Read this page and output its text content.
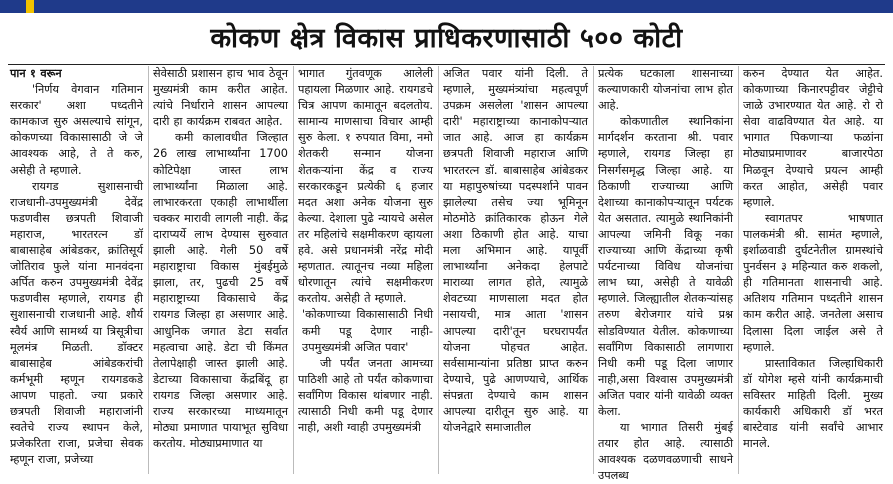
कोकण क्षेत्र विकास प्राधिकरणासाठी ५०० कोटी

पान १ वरून

'निर्णय वेगवान गतिमान सरकार' अशा पध्दतीने कामकाज सुरु असल्याचे सांगून, कोकणच्या विकासासाठी जे जे आवश्यक आहे, ते ते करु, असेही ते म्हणाले.

रायगड सुशासनाची राजधानी-उपमुख्यमंत्री देवेंद्र फडणवीस छत्रपती शिवाजी महाराज, भारतरत्न डॉ बाबासाहेब आंबेडकर, क्रांतिसूर्य जोतिराव फुले यांना मानवंदना अर्पित करुन उपमुख्यमंत्री देवेंद्र फडणवीस म्हणाले, रायगड ही सुशासनाची राजधानी आहे. शौर्य स्वैर्य आणि सामर्थ्य या त्रिसूत्रीचा मूलमंत्र मिळती. डॉक्टर बाबासाहेब आंबेडकरांची कर्मभूमी म्हणून रायगडकडे आपण पाहतो. ज्या प्रकारे छत्रपती शिवाजी महाराजांनी स्वतेचे राज्य स्थापन केले, प्रजेकरिता राजा, प्रजेचा सेवक म्हणून राजा, प्रजेच्या

सेवेसाठी प्रशासन हाच भाव ठेवून मुख्यमंत्री काम करीत आहेत. त्यांचे निर्धाराने शासन आपल्या दारी हा कार्यक्रम राबवत आहेत.

कमी कालावधीत जिल्हात 26 लाख लाभार्थ्यांना 1700 कोटिपेक्षा जास्त लाभ लाभार्थ्यांना मिळाला आहे. लाभारकरता एकाही लाभार्थीला चक्कर मारावी लागली नाही. केंद्र दाराप्यर्ये लाभ देण्यास सुरुवात झाली आहे. गेली 50 वर्षे महाराष्ट्राचा विकास मुंबईमुळे झाला, तर, पुढची 25 वर्षे महाराष्ट्राच्या विकासाचे केंद्र रायगड जिल्हा हा असणार आहे. आधुनिक जगात डेटा सर्वात महत्वाचा आहे. डेटा ची किंमत तेलापेक्षाही जास्त झाली आहे. डेटाच्या विकासाचा केंद्रबिंदू हा रायगड जिल्हा असणार आहे. राज्य सरकारच्या माध्यमातून मोठ्या प्रमाणात पायाभूत सुविधा करतोय. मोठ्याप्रमाणात या

भागात गुंतवणूक आलेली पहायला मिळणार आहे. रायगडचे चित्र आपण कामातून बदलतोय. सामान्य माणसाचा विचार आम्ही सुरु केला. १ रुपयात विमा, नमो शेतकरी सन्मान योजना शेतकऱ्यांना केंद्र व राज्य सरकारकडून प्रत्येकी ६ हजार मदत अशा अनेक योजना सुरु केल्या. देशाला पुढे न्यायचे असेल तर महिलांचे सक्षमीकरण व्हायला हवे. असे प्रधानमंत्री नरेंद्र मोदी म्हणतात. त्यातूनच नव्या महिला धोरणातून त्यांचे सक्षमीकरण करतोय. असेही ते म्हणाले.

'कोकणाच्या विकासासाठी निधी कमी पडू देणार नाही- उपमुख्यमंत्री अजित पवार'

जी पर्यंत जनता आमच्या पाठिशी आहे तो पर्यंत कोकणाचा सर्वांगिण विकास थांबणार नाही. त्यासाठी निधी कमी पडू देणार नाही, अशी ग्वाही उपमुख्यमंत्री

अजित पवार यांनी दिली. ते म्हणाले, मुख्यमंत्र्यांचा महत्वपूर्ण उपक्रम असलेला 'शासन आपल्या दारी' महाराष्ट्राच्या कानाकोपऱ्यात जात आहे. आज हा कार्यक्रम छत्रपती शिवाजी महाराज आणि भारतरत्न डॉ. बाबासाहेब आंबेडकर या महापुरुषांच्या पदस्पर्शाने पावन झालेल्या तसेच ज्या भूमिनून मोठमोठे क्रांतिकारक होऊन गेले अशा ठिकाणी होत आहे. याचा मला अभिमान आहे. यापूर्वी लाभार्थ्यांना अनेकदा हेलपाटे माराव्या लागत होते, त्यामुळे शेवटच्या माणसाला मदत होत नसायची, मात्र आता 'शासन आपल्या दारी'तून घरघरापर्यंत योजना पोहचत आहेत. सर्वसामान्यांना प्रतिष्ठा प्राप्त करुन देण्याचे, पुढे आणण्याचे, आर्थिक संपन्नता देण्याचे काम शासन आपल्या दारीतून सुरु आहे. या योजनेद्वारे समाजातील

प्रत्येक घटकाला शासनाच्या कल्याणकारी योजनांचा लाभ होत आहे.

कोकणातील स्थानिकांना मार्गदर्शन करताना श्री. पवार म्हणाले, रायगड जिल्हा हा निसर्गसमृद्ध जिल्हा आहे. या ठिकाणी राज्याच्या आणि देशाच्या कानाकोपऱ्यातून पर्यटक येत असतात. त्यामुळे स्थानिकांनी आपल्या जमिनी विकू नका राज्याच्या आणि केंद्राच्या कृषी पर्यटनाच्या विविध योजनांचा लाभ घ्या, असेही ते यावेळी म्हणाले. जिल्ह्यातील शेतकऱ्यांसह तरुण बेरोजगार यांचे प्रश्न सोडविण्यात येतील. कोकणाच्या सर्वांगिण विकासाठी लागणारा निधी कमी पडू दिला जाणार नाही,असा विश्वास उपमुख्यमंत्री अजित पवार यांनी यावेळी व्यक्त केला.

या भागात तिसरी मुंबई तयार होत आहे. त्यासाठी आवश्यक दळणवळणाची साधने उपलब्ध

करुन देण्यात येत आहेत. कोकणाच्या किनारपट्टीवर जेट्टीचे जाळे उभारण्यात येत आहे. रो रो सेवा वाढविण्यात येत आहे. या भागात पिकणाऱ्या फळांना मोठ्याप्रमाणावर बाजारपेठा मिळवून देण्याचे प्रयत्न आम्ही करत आहोत, असेही पवार म्हणाले.

स्वागतपर भाषणात पालकमंत्री श्री. सामंत म्हणाले, इर्शाळवाडी दुर्घटनेतील ग्रामस्थांचे पुनर्वसन ३ महिन्यात करु शकलो, ही गतिमानता शासनाची आहे. अतिशय गतिमान पध्दतीने शासन काम करीत आहे. जनतेला असाच दिलासा दिला जाईल असे ते म्हणाले.

प्रास्ताविकात जिल्हाधिकारी डॉ योगेश म्हसे यांनी कार्यक्रमाची सविस्तर माहिती दिली. मुख्य कार्यकारी अधिकारी डॉ भरत बास्टेवाड यांनी सर्वांचे आभार मानले.
